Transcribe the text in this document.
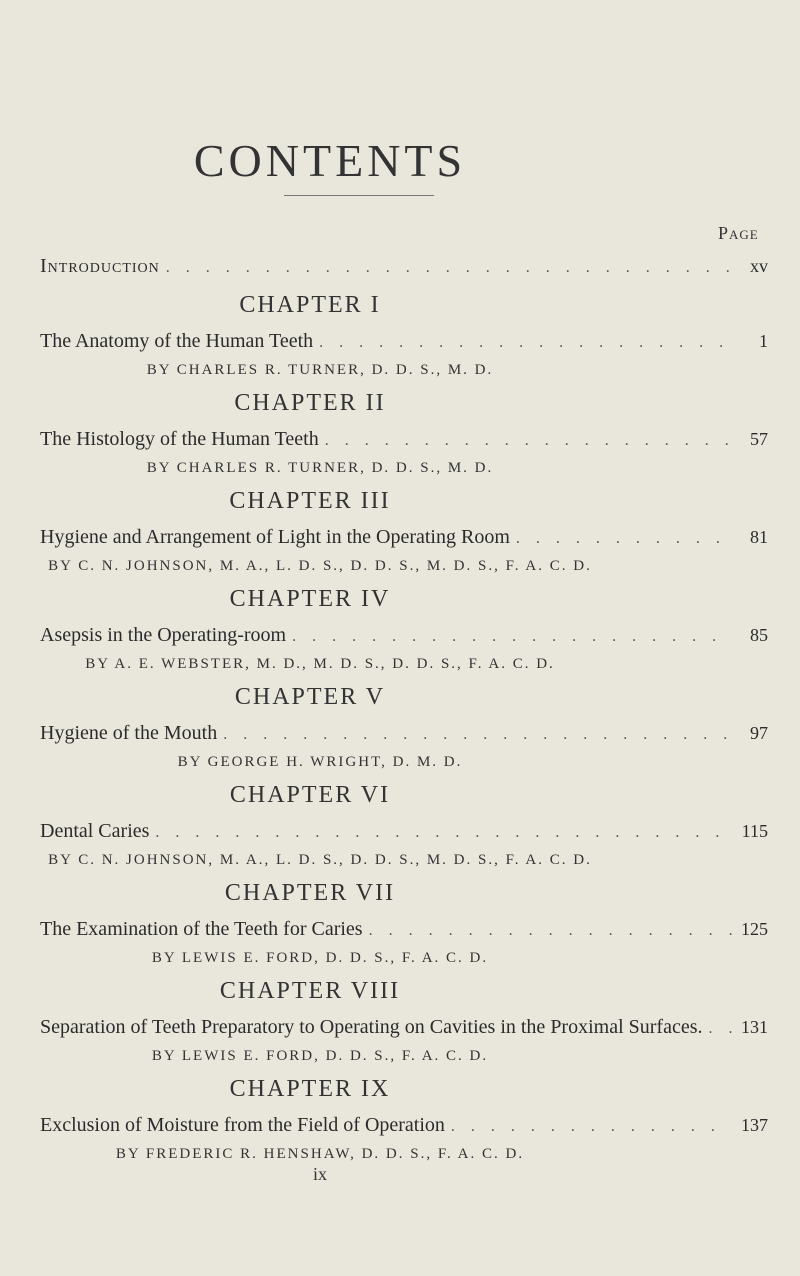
CONTENTS
Page
Introduction . . .	xv
CHAPTER I
The Anatomy of the Human Teeth . . .	1
BY CHARLES R. TURNER, D. D. S., M. D.
CHAPTER II
The Histology of the Human Teeth . . .	57
BY CHARLES R. TURNER, D. D. S., M. D.
CHAPTER III
Hygiene and Arrangement of Light in the Operating Room . . .	81
BY C. N. JOHNSON, M. A., L. D. S., D. D. S., M. D. S., F. A. C. D.
CHAPTER IV
Asepsis in the Operating-room . . .	85
BY A. E. WEBSTER, M. D., M. D. S., D. D. S., F. A. C. D.
CHAPTER V
Hygiene of the Mouth . . .	97
BY GEORGE H. WRIGHT, D. M. D.
CHAPTER VI
Dental Caries . . .	115
BY C. N. JOHNSON, M. A., L. D. S., D. D. S., M. D. S., F. A. C. D.
CHAPTER VII
The Examination of the Teeth for Caries . . .	125
BY LEWIS E. FORD, D. D. S., F. A. C. D.
CHAPTER VIII
Separation of Teeth Preparatory to Operating on Cavities in the Proximal Surfaces. . . . 131
BY LEWIS E. FORD, D. D. S., F. A. C. D.
CHAPTER IX
Exclusion of Moisture from the Field of Operation . . .	137
BY FREDERIC R. HENSHAW, D. D. S., F. A. C. D.
ix
